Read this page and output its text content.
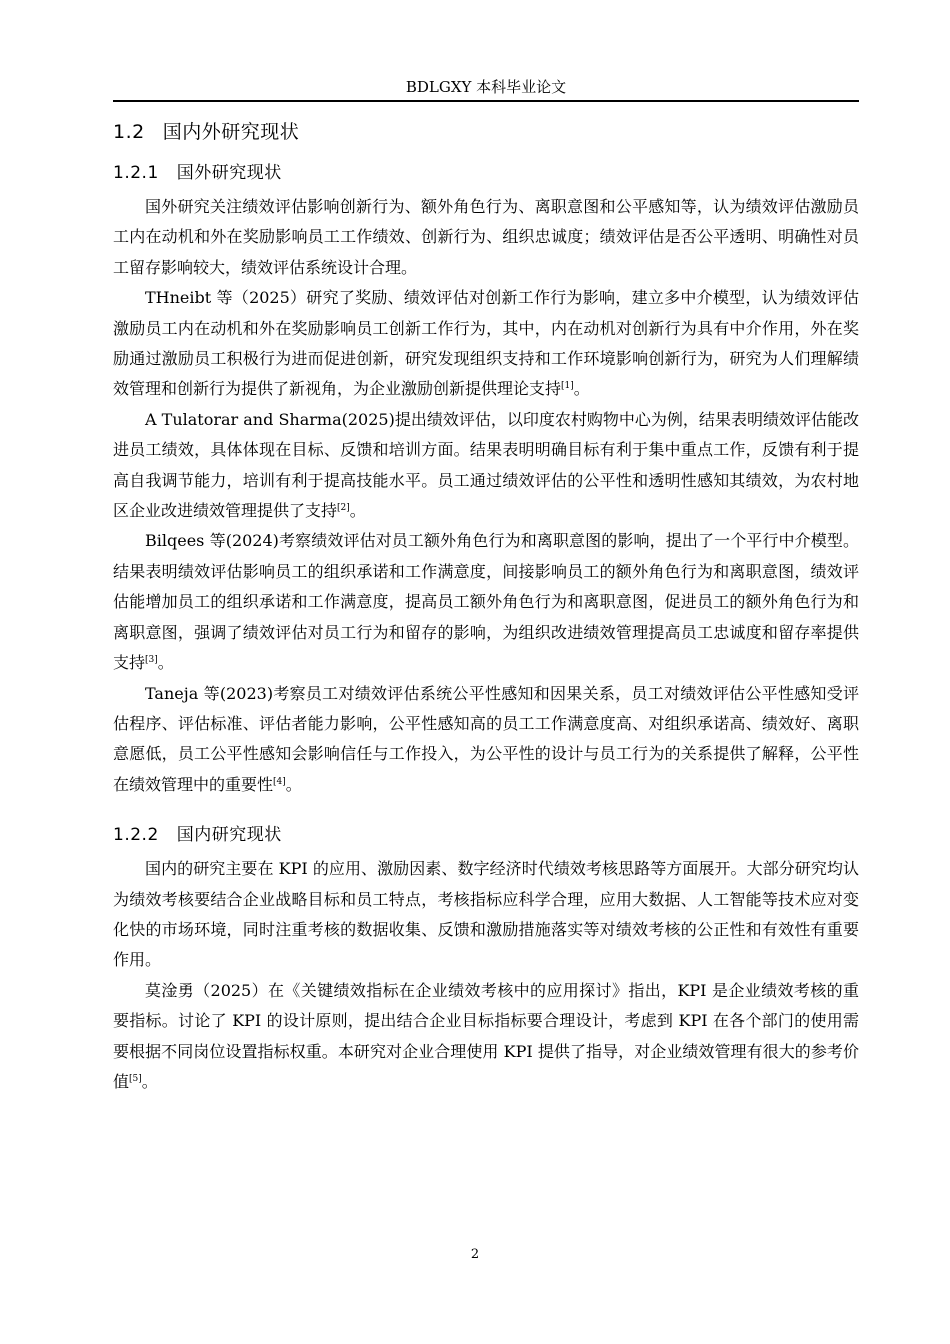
BDLGXY 本科毕业论文
1.2 国内外研究现状
1.2.1 国外研究现状

国外研究关注绩效评估影响创新行为、额外角色行为、离职意图和公平感知等，认为绩效评估激励员工内在动机和外在奖励影响员工工作绩效、创新行为、组织忠诚度；绩效评估是否公平透明、明确性对员工留存影响较大，绩效评估系统设计合理。

THneibt 等（2025）研究了奖励、绩效评估对创新工作行为影响，建立多中介模型，认为绩效评估激励员工内在动机和外在奖励影响员工创新工作行为，其中，内在动机对创新行为具有中介作用，外在奖励通过激励员工积极行为进而促进创新，研究发现组织支持和工作环境影响创新行为，研究为人们理解绩效管理和创新行为提供了新视角，为企业激励创新提供理论支持[1]。

A Tulatorar and Sharma(2025)提出绩效评估，以印度农村购物中心为例，结果表明绩效评估能改进员工绩效，具体体现在目标、反馈和培训方面。结果表明明确目标有利于集中重点工作，反馈有利于提高自我调节能力，培训有利于提高技能水平。员工通过绩效评估的公平性和透明性感知其绩效，为农村地区企业改进绩效管理提供了支持[2]。

Bilqees 等(2024)考察绩效评估对员工额外角色行为和离职意图的影响，提出了一个平行中介模型。结果表明绩效评估影响员工的组织承诺和工作满意度，间接影响员工的额外角色行为和离职意图，绩效评估能增加员工的组织承诺和工作满意度，提高员工额外角色行为和离职意图，促进员工的额外角色行为和离职意图，强调了绩效评估对员工行为和留存的影响，为组织改进绩效管理提高员工忠诚度和留存率提供支持[3]。

Taneja 等(2023)考察员工对绩效评估系统公平性感知和因果关系，员工对绩效评估公平性感知受评估程序、评估标准、评估者能力影响，公平性感知高的员工工作满意度高、对组织承诺高、绩效好、离职意愿低，员工公平性感知会影响信任与工作投入，为公平性的设计与员工行为的关系提供了解释，公平性在绩效管理中的重要性[4]。

1.2.2 国内研究现状

国内的研究主要在 KPI 的应用、激励因素、数字经济时代绩效考核思路等方面展开。大部分研究均认为绩效考核要结合企业战略目标和员工特点，考核指标应科学合理，应用大数据、人工智能等技术应对变化快的市场环境，同时注重考核的数据收集、反馈和激励措施落实等对绩效考核的公正性和有效性有重要作用。

莫淦勇（2025）在《关键绩效指标在企业绩效考核中的应用探讨》指出，KPI 是企业绩效考核的重要指标。讨论了 KPI 的设计原则，提出结合企业目标指标要合理设计，考虑到 KPI 在各个部门的使用需要根据不同岗位设置指标权重。本研究对企业合理使用 KPI 提供了指导，对企业绩效管理有很大的参考价值[5]。

2
